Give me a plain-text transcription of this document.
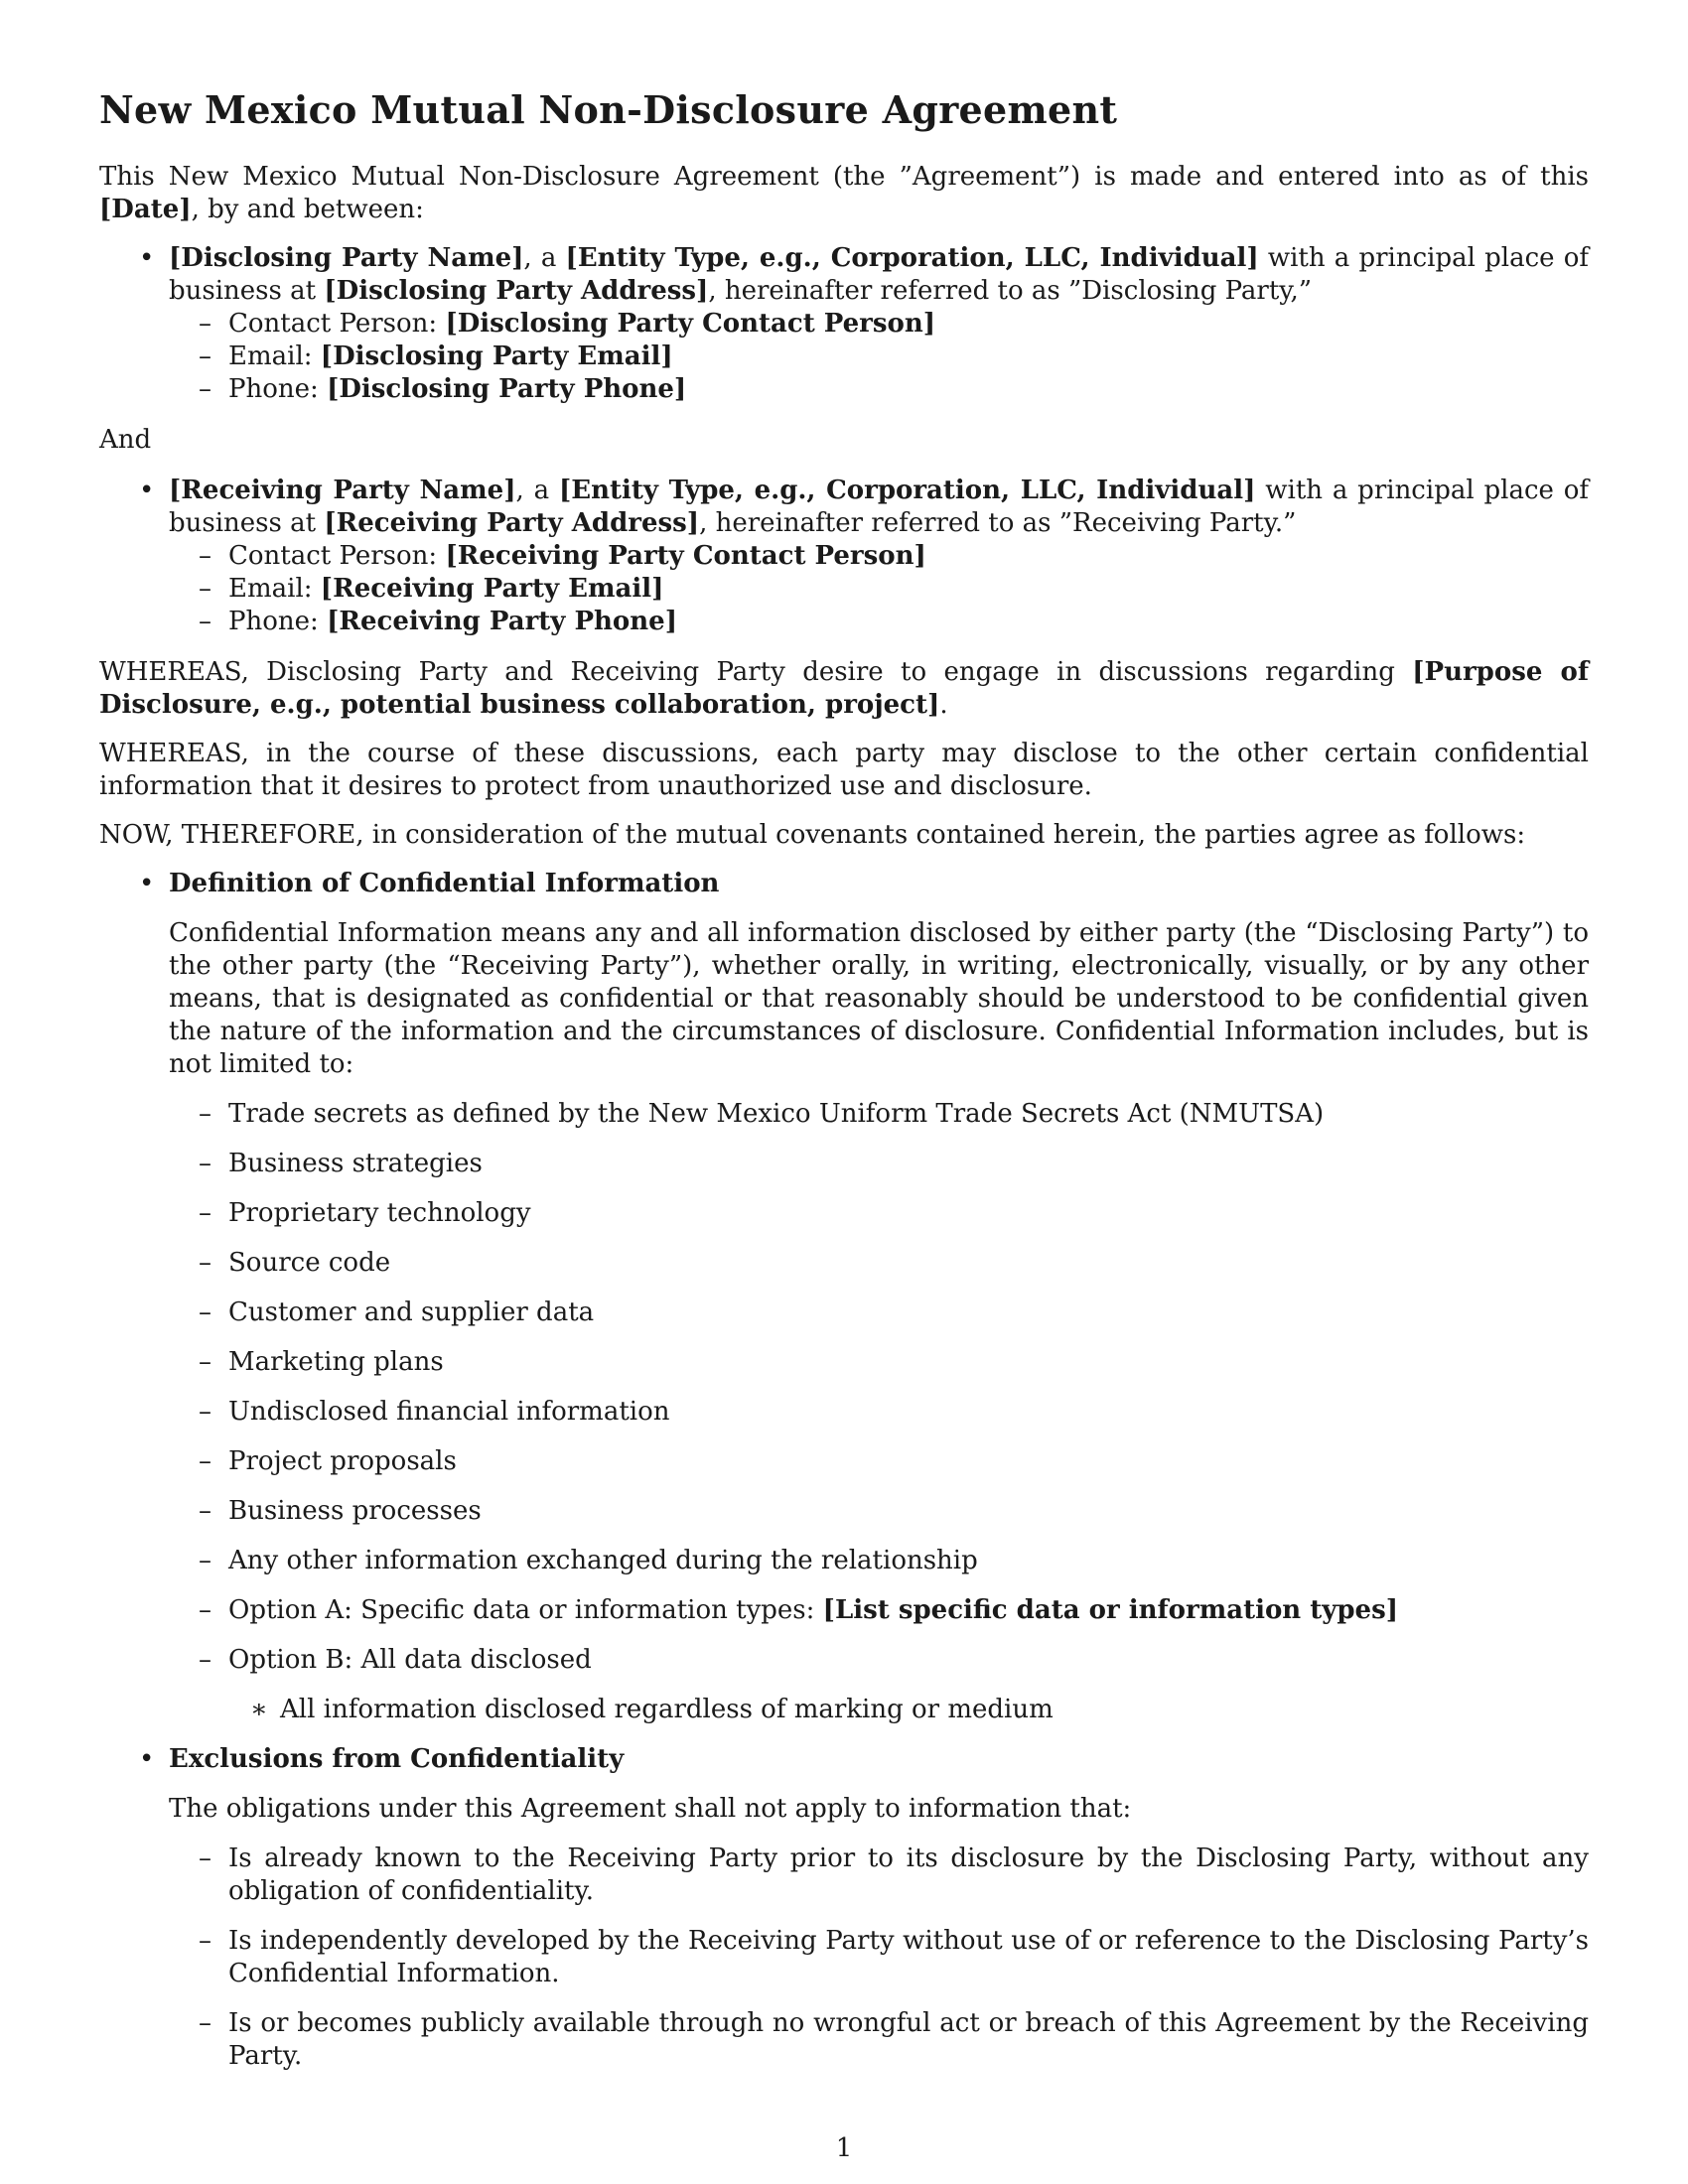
New Mexico Mutual Non-Disclosure Agreement

This New Mexico Mutual Non-Disclosure Agreement (the ”Agreement”) is made and entered into as of this [Date], by and between:

• [Disclosing Party Name], a [Entity Type, e.g., Corporation, LLC, Individual] with a principal place of business at [Disclosing Party Address], hereinafter referred to as ”Disclosing Party,”
– Contact Person: [Disclosing Party Contact Person]
– Email: [Disclosing Party Email]
– Phone: [Disclosing Party Phone]

And

• [Receiving Party Name], a [Entity Type, e.g., Corporation, LLC, Individual] with a principal place of business at [Receiving Party Address], hereinafter referred to as ”Receiving Party.”
– Contact Person: [Receiving Party Contact Person]
– Email: [Receiving Party Email]
– Phone: [Receiving Party Phone]

WHEREAS, Disclosing Party and Receiving Party desire to engage in discussions regarding [Purpose of Disclosure, e.g., potential business collaboration, project].

WHEREAS, in the course of these discussions, each party may disclose to the other certain confidential information that it desires to protect from unauthorized use and disclosure.

NOW, THEREFORE, in consideration of the mutual covenants contained herein, the parties agree as follows:

• Definition of Confidential Information
Confidential Information means any and all information disclosed by either party (the “Disclosing Party”) to the other party (the “Receiving Party”), whether orally, in writing, electronically, visually, or by any other means, that is designated as confidential or that reasonably should be understood to be confidential given the nature of the information and the circumstances of disclosure. Confidential Information includes, but is not limited to:
– Trade secrets as defined by the New Mexico Uniform Trade Secrets Act (NMUTSA)
– Business strategies
– Proprietary technology
– Source code
– Customer and supplier data
– Marketing plans
– Undisclosed financial information
– Project proposals
– Business processes
– Any other information exchanged during the relationship
– Option A: Specific data or information types: [List specific data or information types]
– Option B: All data disclosed
∗ All information disclosed regardless of marking or medium
• Exclusions from Confidentiality
The obligations under this Agreement shall not apply to information that:
– Is already known to the Receiving Party prior to its disclosure by the Disclosing Party, without any obligation of confidentiality.
– Is independently developed by the Receiving Party without use of or reference to the Disclosing Party’s Confidential Information.
– Is or becomes publicly available through no wrongful act or breach of this Agreement by the Receiving Party.
1
